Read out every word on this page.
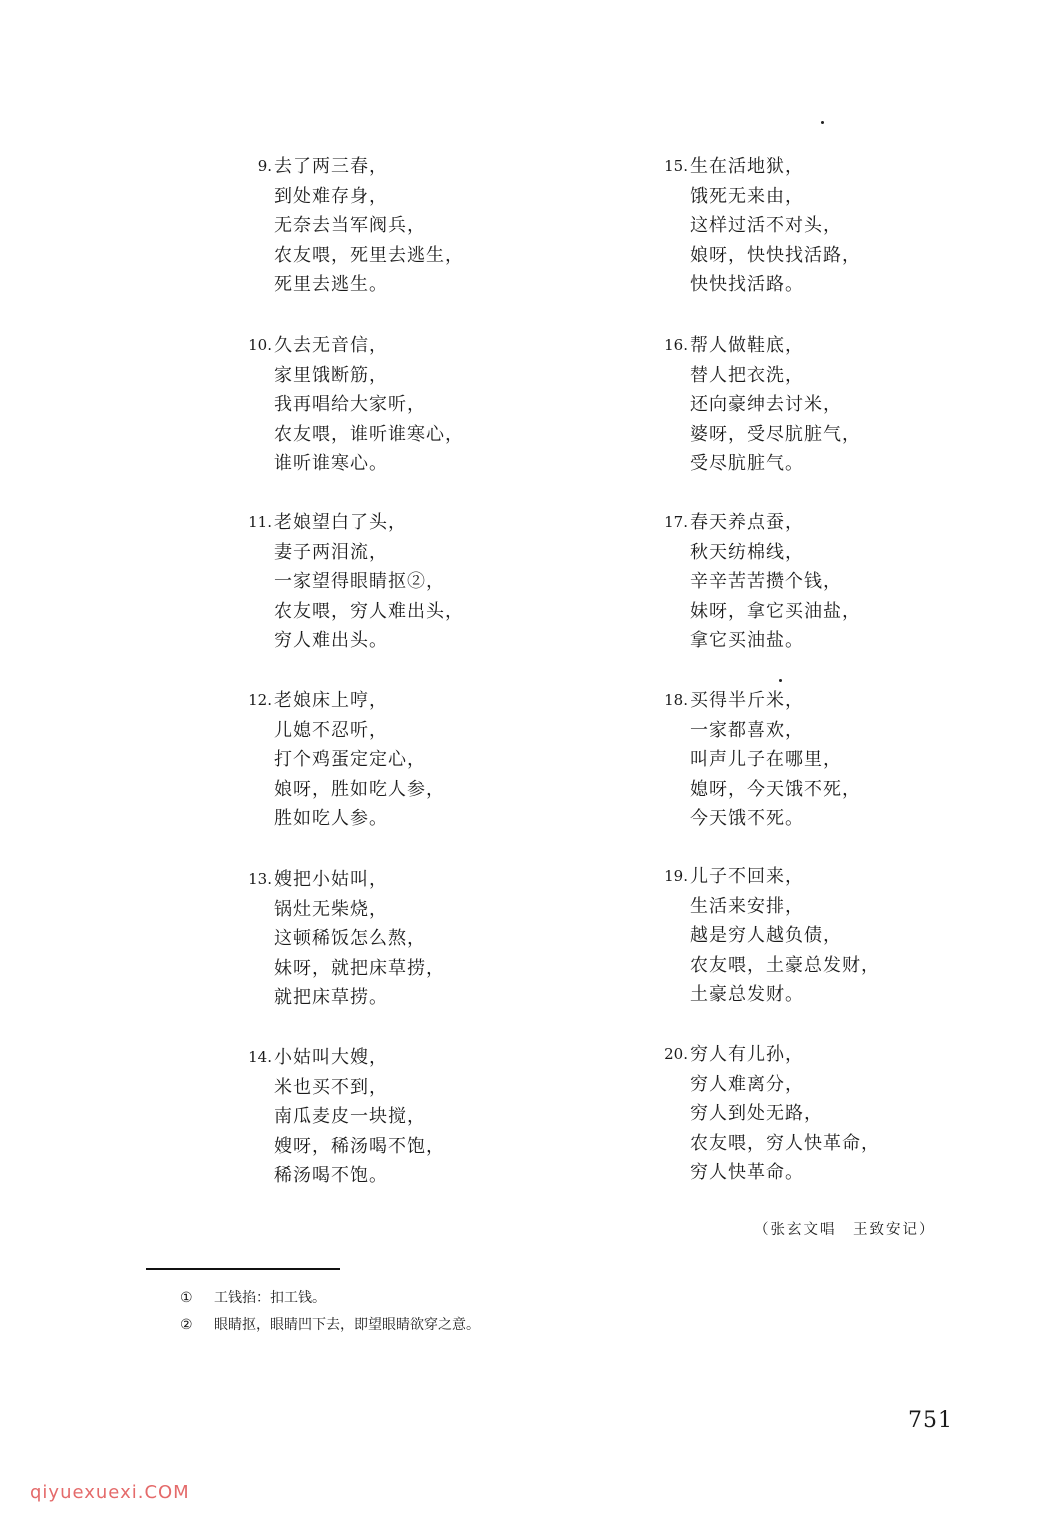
9. 去了两三春，
到处难存身，
无奈去当军阀兵，
农友喂，死里去逃生，
死里去逃生。
10. 久去无音信，
家里饿断筋，
我再唱给大家听，
农友喂，谁听谁寒心，
谁听谁寒心。
11. 老娘望白了头，
妻子两泪流，
一家望得眼睛抠②，
农友喂，穷人难出头，
穷人难出头。
12. 老娘床上哼，
儿媳不忍听，
打个鸡蛋定定心，
娘呀，胜如吃人参，
胜如吃人参。
13. 嫂把小姑叫，
锅灶无柴烧，
这顿稀饭怎么熬，
妹呀，就把床草捞，
就把床草捞。
14. 小姑叫大嫂，
米也买不到，
南瓜麦皮一块搅，
嫂呀，稀汤喝不饱，
稀汤喝不饱。
15. 生在活地狱，
饿死无来由，
这样过活不对头，
娘呀，快快找活路，
快快找活路。
16. 帮人做鞋底，
替人把衣洗，
还向豪绅去讨米，
婆呀，受尽肮脏气，
受尽肮脏气。
17. 春天养点蚕，
秋天纺棉线，
辛辛苦苦攒个钱，
妹呀，拿它买油盐，
拿它买油盐。
18. 买得半斤米，
一家都喜欢，
叫声儿子在哪里，
媳呀，今天饿不死，
今天饿不死。
19. 儿子不回来，
生活来安排，
越是穷人越负债，
农友喂，土豪总发财，
土豪总发财。
20. 穷人有儿孙，
穷人难离分，
穷人到处无路，
农友喂，穷人快革命，
穷人快革命。
（张玄文唱　王致安记）
① 工钱掐：扣工钱。
② 眼睛抠，眼睛凹下去，即望眼睛欲穿之意。
751
qiyuexuexi.COM
